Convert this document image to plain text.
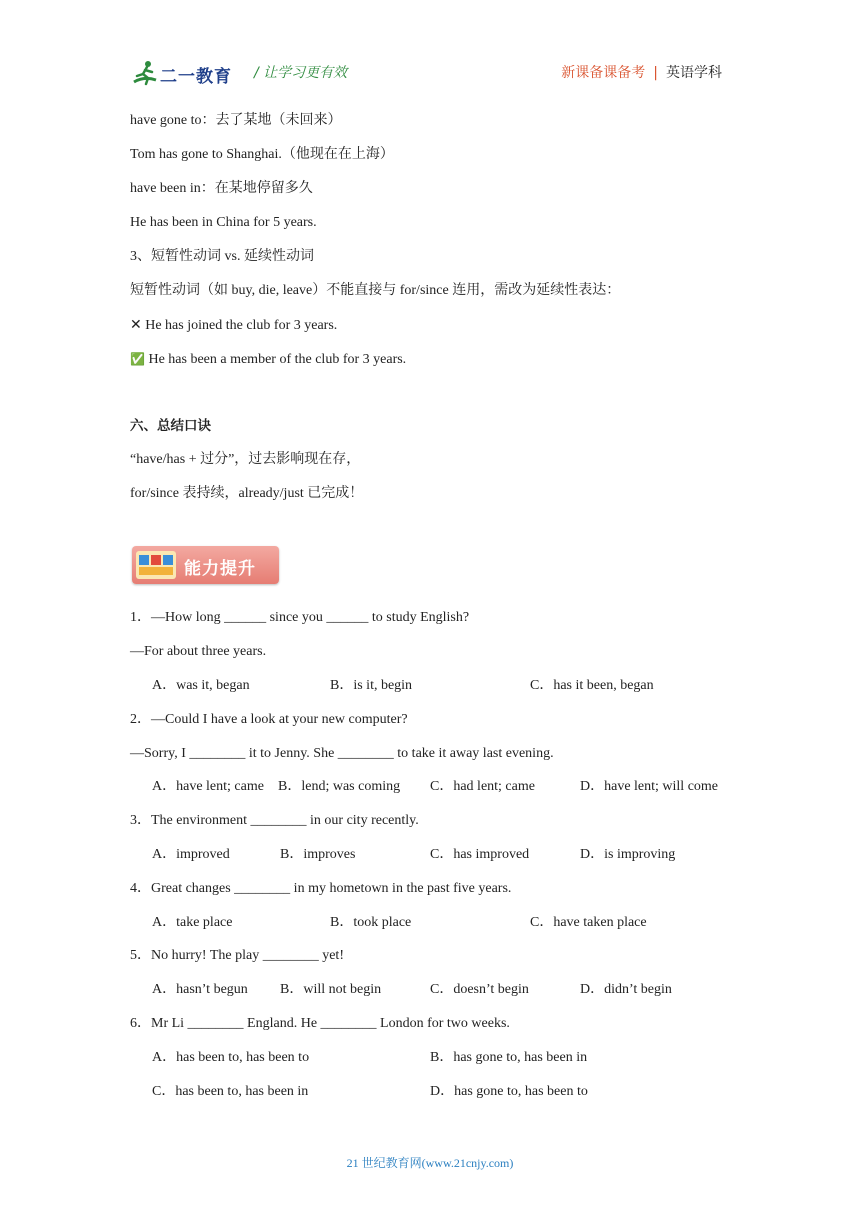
二一教育 / 让学习更有效	新课备课备考 | 英语学科
have gone to：去了某地（未回来）
Tom has gone to Shanghai.（他现在在上海）
have been in：在某地停留多久
He has been in China for 5 years.
3、短暂性动词 vs. 延续性动词
短暂性动词（如 buy, die, leave）不能直接与 for/since 连用，需改为延续性表达：
✕ He has joined the club for 3 years.
✅ He has been a member of the club for 3 years.
六、总结口诀
“have/has + 过分”，过去影响现在存，
for/since 表持续，already/just 已完成！
能力提升
1．—How long ______ since you ______ to study English?
—For about three years.
A．was it, began	B．is it, begin	C．has it been, began
2．—Could I have a look at your new computer?
—Sorry, I ________ it to Jenny. She ________ to take it away last evening.
A．have lent; came B．lend; was coming C．had lent; came	D．have lent; will come
3．The environment ________ in our city recently.
A．improved	B．improves	C．has improved	D．is improving
4．Great changes ________ in my hometown in the past five years.
A．take place	B．took place	C．have taken place
5．No hurry! The play ________ yet!
A．hasn’t begun B．will not begin	C．doesn’t begin	D．didn’t begin
6．Mr Li ________ England. He ________ London for two weeks.
A．has been to, has been to	B．has gone to, has been in
C．has been to, has been in	D．has gone to, has been to
21 世纪教育网(www.21cnjy.com)
